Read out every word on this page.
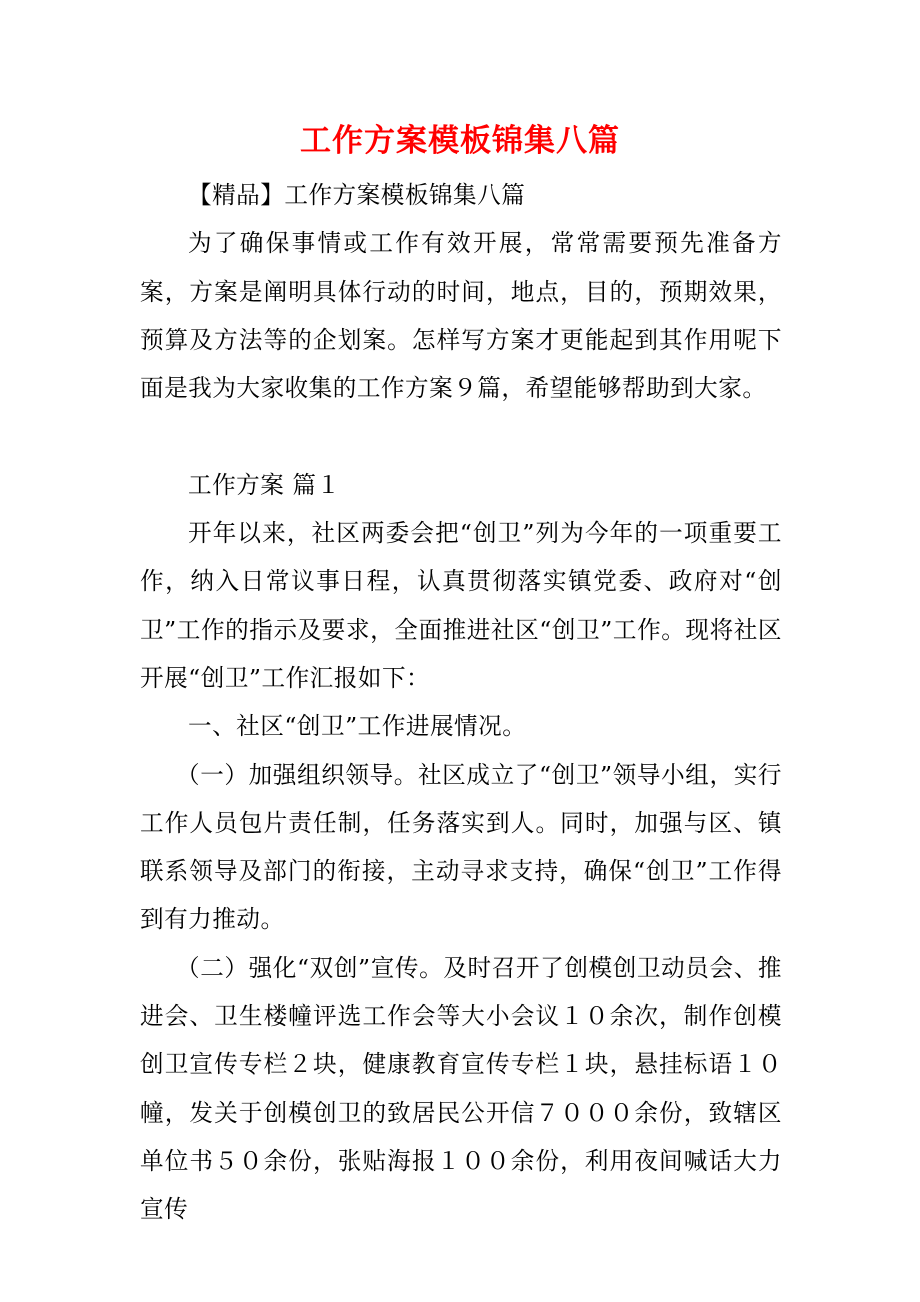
工作方案模板锦集八篇

【精品】工作方案模板锦集八篇

为了确保事情或工作有效开展，常常需要预先准备方案，方案是阐明具体行动的时间，地点，目的，预期效果，预算及方法等的企划案。怎样写方案才更能起到其作用呢下面是我为大家收集的工作方案９篇，希望能够帮助到大家。

工作方案 篇１

开年以来，社区两委会把“创卫”列为今年的一项重要工作，纳入日常议事日程，认真贯彻落实镇党委、政府对“创卫”工作的指示及要求，全面推进社区“创卫”工作。现将社区开展“创卫”工作汇报如下：

一、社区“创卫”工作进展情况。

（一）加强组织领导。社区成立了“创卫”领导小组，实行工作人员包片责任制，任务落实到人。同时，加强与区、镇联系领导及部门的衔接，主动寻求支持，确保“创卫”工作得到有力推动。

（二）强化“双创”宣传。及时召开了创模创卫动员会、推进会、卫生楼幢评选工作会等大小会议１０余次，制作创模创卫宣传专栏２块，健康教育宣传专栏１块，悬挂标语１０幢，发关于创模创卫的致居民公开信７０００余份，致辖区单位书５０余份，张贴海报１００余份，利用夜间喊话大力宣传
